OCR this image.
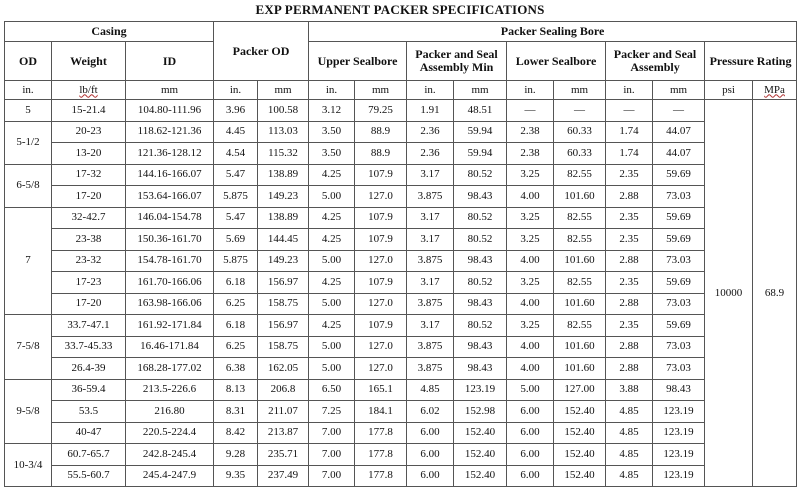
EXP PERMANENT PACKER SPECIFICATIONS
Casing			Packer OD		Packer Sealing Bore									
OD	Weight	ID			Upper Sealbore		Packer and Seal Assembly Min		Lower Sealbore		Packer and Seal Assembly		Pressure Rating	
in.	lb/ft	mm	in.	mm	in.	mm	in.	mm	in.	mm	in.	mm	psi	MPa
5	15-21.4	104.80-111.96	3.96	100.58	3.12	79.25	1.91	48.51	—	—	—	—	10000	68.9
5-1/2	20-23	118.62-121.36	4.45	113.03	3.50	88.9	2.36	59.94	2.38	60.33	1.74	44.07		
	13-20	121.36-128.12	4.54	115.32	3.50	88.9	2.36	59.94	2.38	60.33	1.74	44.07		
6-5/8	17-32	144.16-166.07	5.47	138.89	4.25	107.9	3.17	80.52	3.25	82.55	2.35	59.69		
	17-20	153.64-166.07	5.875	149.23	5.00	127.0	3.875	98.43	4.00	101.60	2.88	73.03		
7	32-42.7	146.04-154.78	5.47	138.89	4.25	107.9	3.17	80.52	3.25	82.55	2.35	59.69		
	23-38	150.36-161.70	5.69	144.45	4.25	107.9	3.17	80.52	3.25	82.55	2.35	59.69		
	23-32	154.78-161.70	5.875	149.23	5.00	127.0	3.875	98.43	4.00	101.60	2.88	73.03		
	17-23	161.70-166.06	6.18	156.97	4.25	107.9	3.17	80.52	3.25	82.55	2.35	59.69		
	17-20	163.98-166.06	6.25	158.75	5.00	127.0	3.875	98.43	4.00	101.60	2.88	73.03		
7-5/8	33.7-47.1	161.92-171.84	6.18	156.97	4.25	107.9	3.17	80.52	3.25	82.55	2.35	59.69		
	33.7-45.33	16.46-171.84	6.25	158.75	5.00	127.0	3.875	98.43	4.00	101.60	2.88	73.03		
	26.4-39	168.28-177.02	6.38	162.05	5.00	127.0	3.875	98.43	4.00	101.60	2.88	73.03		
9-5/8	36-59.4	213.5-226.6	8.13	206.8	6.50	165.1	4.85	123.19	5.00	127.00	3.88	98.43		
	53.5	216.80	8.31	211.07	7.25	184.1	6.02	152.98	6.00	152.40	4.85	123.19		
	40-47	220.5-224.4	8.42	213.87	7.00	177.8	6.00	152.40	6.00	152.40	4.85	123.19		
10-3/4	60.7-65.7	242.8-245.4	9.28	235.71	7.00	177.8	6.00	152.40	6.00	152.40	4.85	123.19		
	55.5-60.7	245.4-247.9	9.35	237.49	7.00	177.8	6.00	152.40	6.00	152.40	4.85	123.19		
